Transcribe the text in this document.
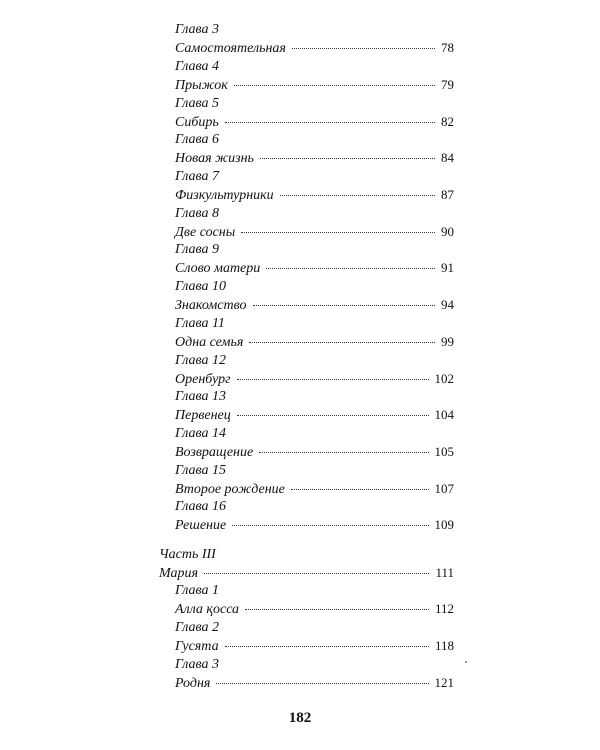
Глава 3
Самостоятельная	78
Глава 4
Прыжок	79
Глава 5
Сибирь	82
Глава 6
Новая жизнь	84
Глава 7
Физкультурники	87
Глава 8
Две сосны	90
Глава 9
Слово матери	91
Глава 10
Знакомство	94
Глава 11
Одна семья	99
Глава 12
Оренбург	102
Глава 13
Первенец	104
Глава 14
Возвращение	105
Глава 15
Второе рождение	107
Глава 16
Решение	109
Часть III
Мария	111
Глава 1
Алла қосса	112
Глава 2
Гусята	118
Глава 3
Родня	121
182
